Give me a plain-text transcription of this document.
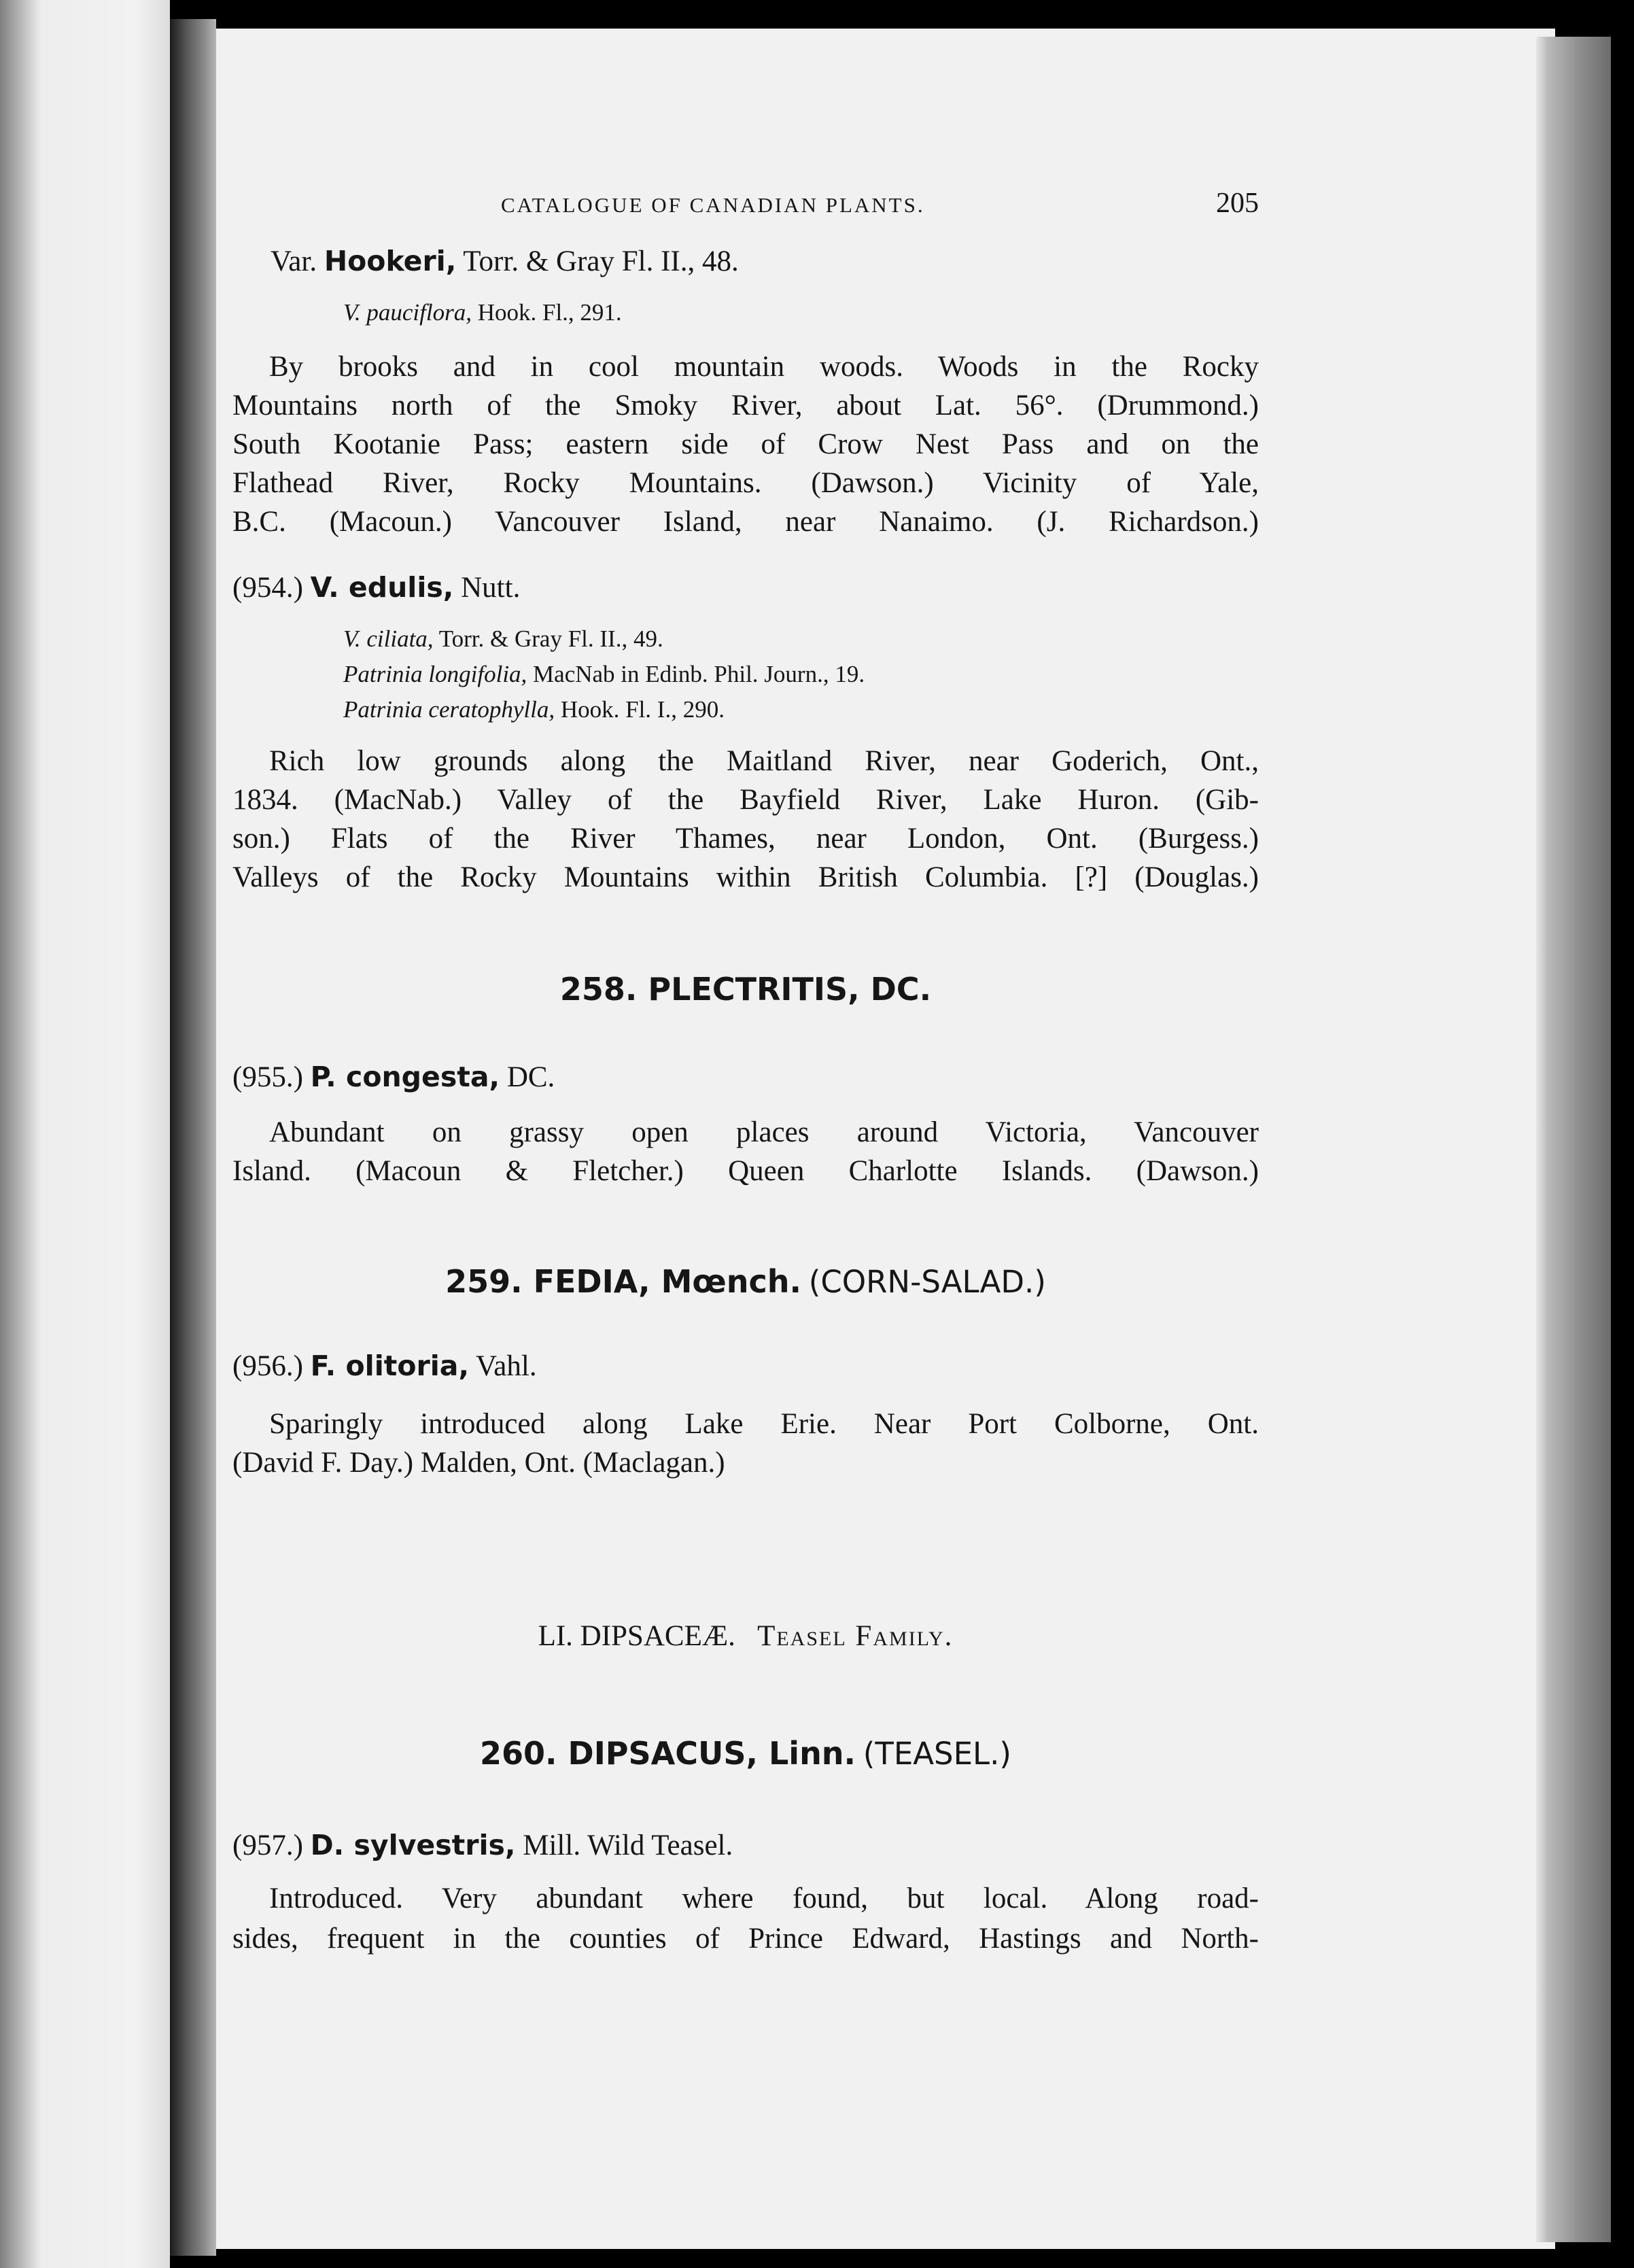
CATALOGUE OF CANADIAN PLANTS.	205
Var. Hookeri, Torr. & Gray Fl. II., 48.
V. pauciflora, Hook. Fl., 291.
By brooks and in cool mountain woods. Woods in the Rocky
Mountains north of the Smoky River, about Lat. 56°. (Drummond.)
South Kootanie Pass; eastern side of Crow Nest Pass and on the
Flathead River, Rocky Mountains. (Dawson.) Vicinity of Yale,
B.C. (Macoun.) Vancouver Island, near Nanaimo. (J. Richardson.)
(954.) V. edulis, Nutt.
V. ciliata, Torr. & Gray Fl. II., 49.
Patrinia longifolia, MacNab in Edinb. Phil. Journ., 19.
Patrinia ceratophylla, Hook. Fl. I., 290.
Rich low grounds along the Maitland River, near Goderich, Ont.,
1834. (MacNab.) Valley of the Bayfield River, Lake Huron. (Gib-
son.) Flats of the River Thames, near London, Ont. (Burgess.)
Valleys of the Rocky Mountains within British Columbia. [?] (Douglas.)
258. PLECTRITIS, DC.
(955.) P. congesta, DC.
Abundant on grassy open places around Victoria, Vancouver
Island. (Macoun & Fletcher.) Queen Charlotte Islands. (Dawson.)
259. FEDIA, Mœnch. (CORN-SALAD.)
(956.) F. olitoria, Vahl.
Sparingly introduced along Lake Erie. Near Port Colborne, Ont.
(David F. Day.) Malden, Ont. (Maclagan.)
LI. DIPSACEÆ. Teasel Family.
260. DIPSACUS, Linn. (TEASEL.)
(957.) D. sylvestris, Mill. Wild Teasel.
Introduced. Very abundant where found, but local. Along road-
sides, frequent in the counties of Prince Edward, Hastings and North-
